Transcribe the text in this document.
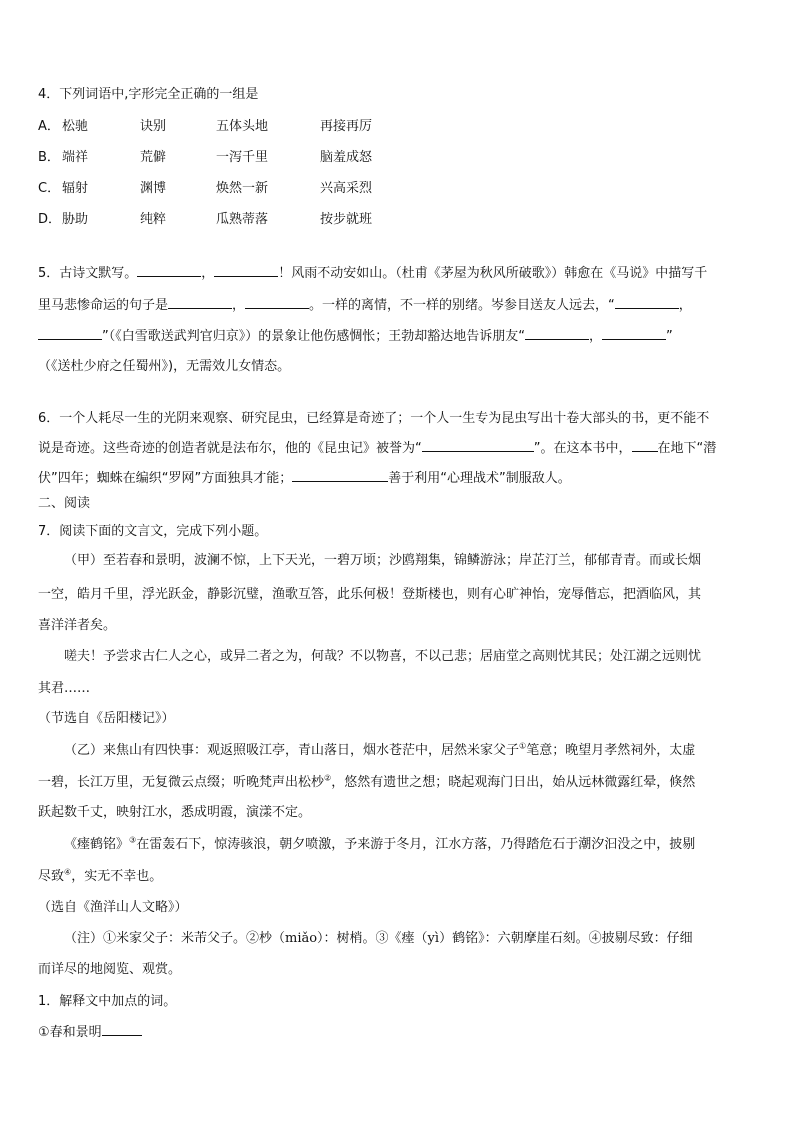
4．下列词语中,字形完全正确的一组是
A． 松驰	诀别	五体头地	再接再厉
B． 端祥	荒僻	一泻千里	脑羞成怒
C． 辐射	渊博	焕然一新	兴高采烈
D． 胁助	纯粹	瓜熟蒂落	按步就班
5．古诗文默写。	，	！风雨不动安如山。（杜甫《茅屋为秋风所破歌》）韩愈在《马说》中描写千
里马悲惨命运的句子是	，	。一样的离情，不一样的别绪。岑参目送友人远去，“	，
”（《白雪歌送武判官归京》）的景象让他伤感惆怅；王勃却豁达地告诉朋友“	，	”
（《送杜少府之任蜀州》)，无需效儿女情态。
6．一个人耗尽一生的光阴来观察、研究昆虫，已经算是奇迹了；一个人一生专为昆虫写出十卷大部头的书，更不能不
说是奇迹。这些奇迹的创造者就是法布尔，他的《昆虫记》被誉为“	”。在这本书中， 在地下“潜
伏”四年；蜘蛛在编织“罗网”方面独具才能；	善于利用“心理战术”制服敌人。
二、阅读
7．阅读下面的文言文，完成下列小题。
（甲）至若春和景明，波澜不惊，上下天光，一碧万顷；沙鸥翔集，锦鳞游泳；岸芷汀兰，郁郁青青。而或长烟
一空，皓月千里，浮光跃金，静影沉璧，渔歌互答，此乐何极！登斯楼也，则有心旷神怡，宠辱偕忘，把酒临风，其
喜洋洋者矣。
嗟夫！予尝求古仁人之心，或异二者之为，何哉？不以物喜，不以己悲；居庙堂之高则忧其民；处江湖之远则忧
其君……
（节选自《岳阳楼记》）
（乙）来焦山有四快事：观返照吸江亭，青山落日，烟水苍茫中，居然米家父子①笔意；晚望月孝然祠外，太虚
一碧，长江万里，无复微云点缀；听晚梵声出松杪②，悠然有遗世之想；晓起观海门日出，始从远林微露红晕，倏然
跃起数千丈，映射江水，悉成明霞，演漾不定。
《瘗鹤铭》③在雷轰石下，惊涛骇浪，朝夕喷激，予来游于冬月，江水方落，乃得踏危石于潮汐汩没之中，披剔
尽致④，实无不幸也。
（选自《渔洋山人文略》）
（注）①米家父子：米芾父子。②杪（miǎo）：树梢。③《瘗（yì）鹤铭》：六朝摩崖石刻。④披剔尽致：仔细
而详尽的地阅览、观赏。
1．解释文中加点的词。
①春和景明
